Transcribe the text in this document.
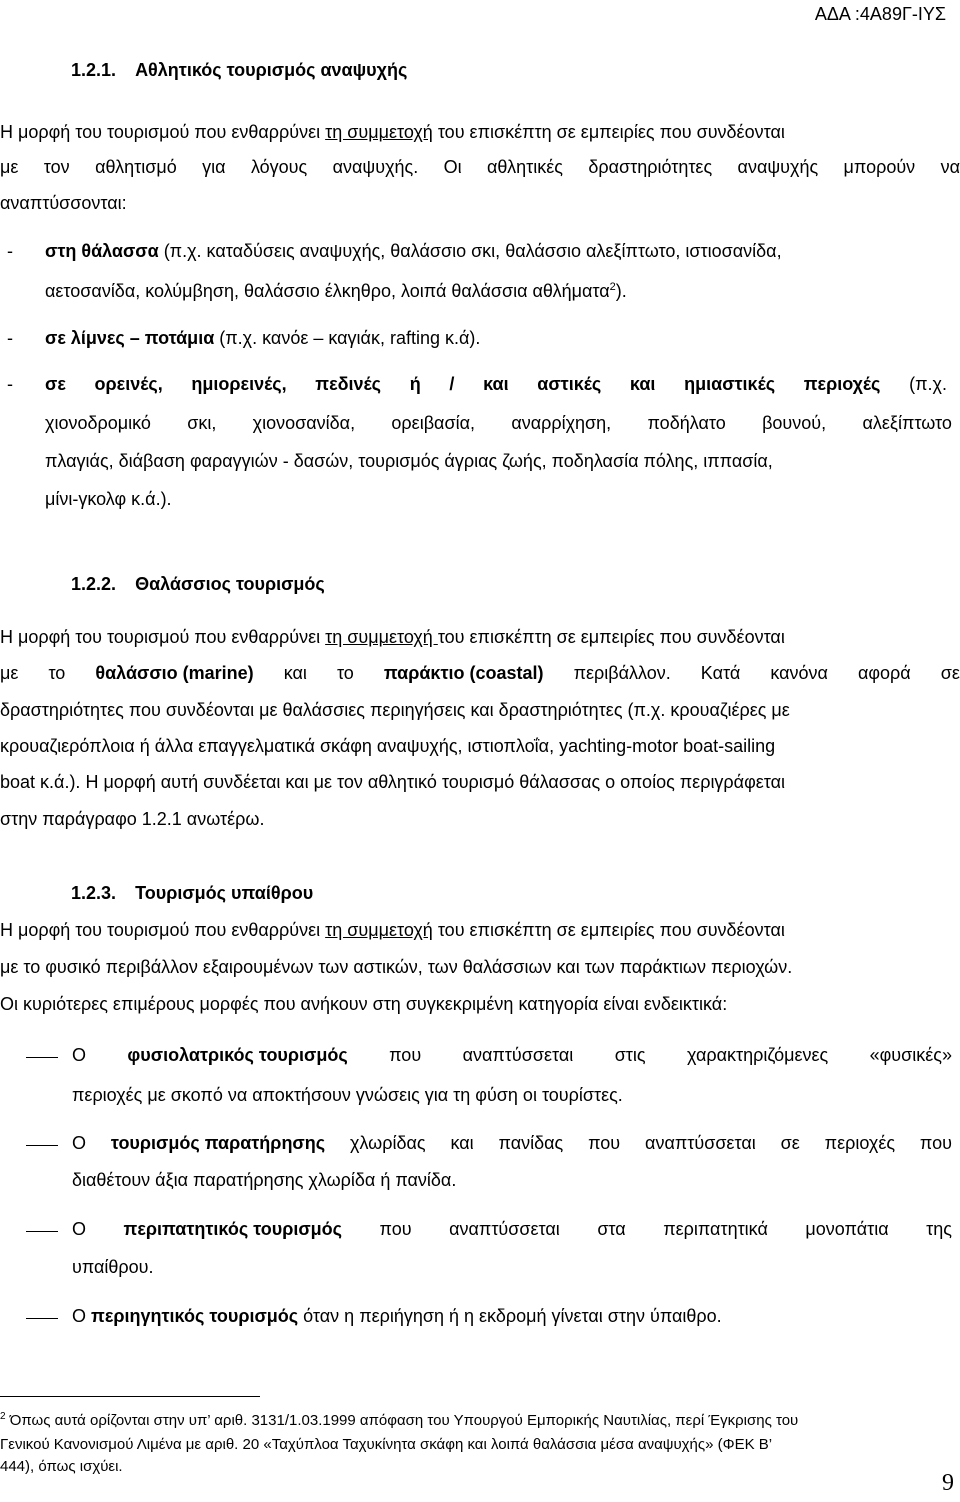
ΑΔΑ :4Α89Γ-ΙΥΣ
1.2.1. Αθλητικός τουρισμός αναψυχής
Η μορφή του τουρισμού που ενθαρρύνει τη συμμετοχή του επισκέπτη σε εμπειρίες που συνδέονται
με τον αθλητισμό για λόγους αναψυχής. Οι αθλητικές δραστηριότητες αναψυχής μπορούν να
αναπτύσσονται:
- στη θάλασσα (π.χ. καταδύσεις αναψυχής, θαλάσσιο σκι, θαλάσσιο αλεξίπτωτο, ιστιοσανίδα,
αετοσανίδα, κολύμβηση, θαλάσσιο έλκηθρο, λοιπά θαλάσσια αθλήματα$^2$).
- σε λίμνες – ποτάμια (π.χ. κανόε – καγιάκ, rafting κ.ά).
- σε ορεινές, ημιορεινές, πεδινές ή / και αστικές και ημιαστικές περιοχές (π.χ.
χιονοδρομικό σκι, χιονοσανίδα, ορειβασία, αναρρίχηση, ποδήλατο βουνού, αλεξίπτωτο
πλαγιάς, διάβαση φαραγγιών - δασών, τουρισμός άγριας ζωής, ποδηλασία πόλης, ιππασία,
μίνι-γκολφ κ.ά.).
1.2.2. Θαλάσσιος τουρισμός
Η μορφή του τουρισμού που ενθαρρύνει τη συμμετοχή του επισκέπτη σε εμπειρίες που συνδέονται
με το θαλάσσιο (marine) και το παράκτιο (coastal) περιβάλλον. Κατά κανόνα αφορά σε
δραστηριότητες που συνδέονται με θαλάσσιες περιηγήσεις και δραστηριότητες (π.χ. κρουαζιέρες με
κρουαζιερόπλοια ή άλλα επαγγελματικά σκάφη αναψυχής, ιστιοπλοΐα, yachting-motor boat-sailing
boat κ.ά.). Η μορφή αυτή συνδέεται και με τον αθλητικό τουρισμό θάλασσας ο οποίος περιγράφεται
στην παράγραφο 1.2.1 ανωτέρω.
1.2.3. Τουρισμός υπαίθρου
Η μορφή του τουρισμού που ενθαρρύνει τη συμμετοχή του επισκέπτη σε εμπειρίες που συνδέονται
με το φυσικό περιβάλλον εξαιρουμένων των αστικών, των θαλάσσιων και των παράκτιων περιοχών.
Οι κυριότερες επιμέρους μορφές που ανήκουν στη συγκεκριμένη κατηγορία είναι ενδεικτικά:
Ο φυσιολατρικός τουρισμός που αναπτύσσεται στις χαρακτηριζόμενες «φυσικές»
περιοχές με σκοπό να αποκτήσουν γνώσεις για τη φύση οι τουρίστες.
Ο τουρισμός παρατήρησης χλωρίδας και πανίδας που αναπτύσσεται σε περιοχές που
διαθέτουν άξια παρατήρησης χλωρίδα ή πανίδα.
Ο περιπατητικός τουρισμός που αναπτύσσεται στα περιπατητικά μονοπάτια της
υπαίθρου.
Ο περιηγητικός τουρισμός όταν η περιήγηση ή η εκδρομή γίνεται στην ύπαιθρο.
$^2$ Όπως αυτά ορίζονται στην υπ’ αριθ. 3131/1.03.1999 απόφαση του Υπουργού Εμπορικής Ναυτιλίας, περί Έγκρισης του
Γενικού Κανονισμού Λιμένα με αριθ. 20 «Ταχύπλοα Ταχυκίνητα σκάφη και λοιπά θαλάσσια μέσα αναψυχής» (ΦΕΚ Β’
444), όπως ισχύει.
9
